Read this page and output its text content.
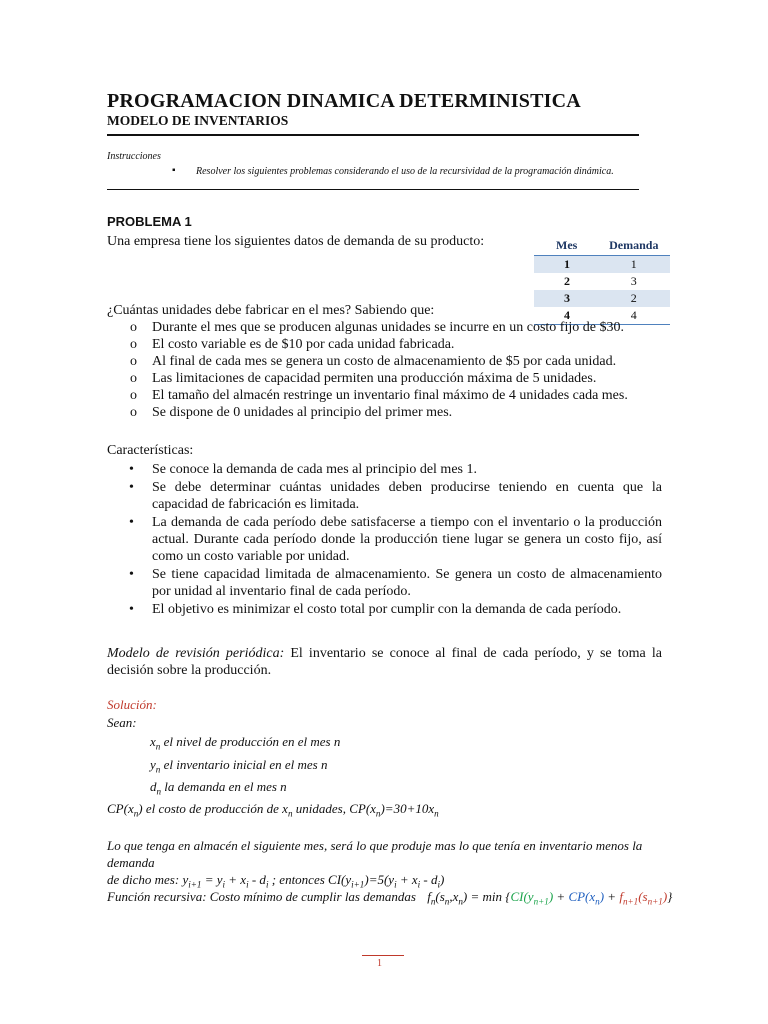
PROGRAMACION DINAMICA DETERMINISTICA
MODELO DE INVENTARIOS
Instrucciones
▪ Resolver los siguientes problemas considerando el uso de la recursividad de la programación dinámica.
PROBLEMA 1
Una empresa tiene los siguientes datos de demanda de su producto:	Mes	Demanda
1	1
2	3
3	2
4	4
¿Cuántas unidades debe fabricar en el mes? Sabiendo que:
o Durante el mes que se producen algunas unidades se incurre en un costo fijo de $30.
o El costo variable es de $10 por cada unidad fabricada.
o Al final de cada mes se genera un costo de almacenamiento de $5 por cada unidad.
o Las limitaciones de capacidad permiten una producción máxima de 5 unidades.
o El tamaño del almacén restringe un inventario final máximo de 4 unidades cada mes.
o Se dispone de 0 unidades al principio del primer mes.
Características:
• Se conoce la demanda de cada mes al principio del mes 1.
• Se debe determinar cuántas unidades deben producirse teniendo en cuenta que la capacidad de fabricación es limitada.
• La demanda de cada período debe satisfacerse a tiempo con el inventario o la producción actual. Durante cada período donde la producción tiene lugar se genera un costo fijo, así como un costo variable por unidad.
• Se tiene capacidad limitada de almacenamiento. Se genera un costo de almacenamiento por unidad al inventario final de cada período.
• El objetivo es minimizar el costo total por cumplir con la demanda de cada período.
Modelo de revisión periódica: El inventario se conoce al final de cada período, y se toma la decisión sobre la producción.
Solución:
Sean:
$x_n$ el nivel de producción en el mes n
$y_n$ el inventario inicial en el mes n
$d_n$ la demanda en el mes n
$CP(x_n)$ el costo de producción de $x_n$ unidades, $CP(x_n)=30+10x_n$
Lo que tenga en almacén el siguiente mes, será lo que produje mas lo que tenía en inventario menos la demanda
de dicho mes: $y_{i+1} = y_i + x_i - d_i$ ; entonces $CI(y_{i+1})=5(y_i + x_i - d_i)$
Función recursiva: Costo mínimo de cumplir las demandas $f_n(s_n,x_n) = \min \{CI(y_{n+1}) + CP(x_n) + f_{n+1}(s_{n+1})\}$
1
